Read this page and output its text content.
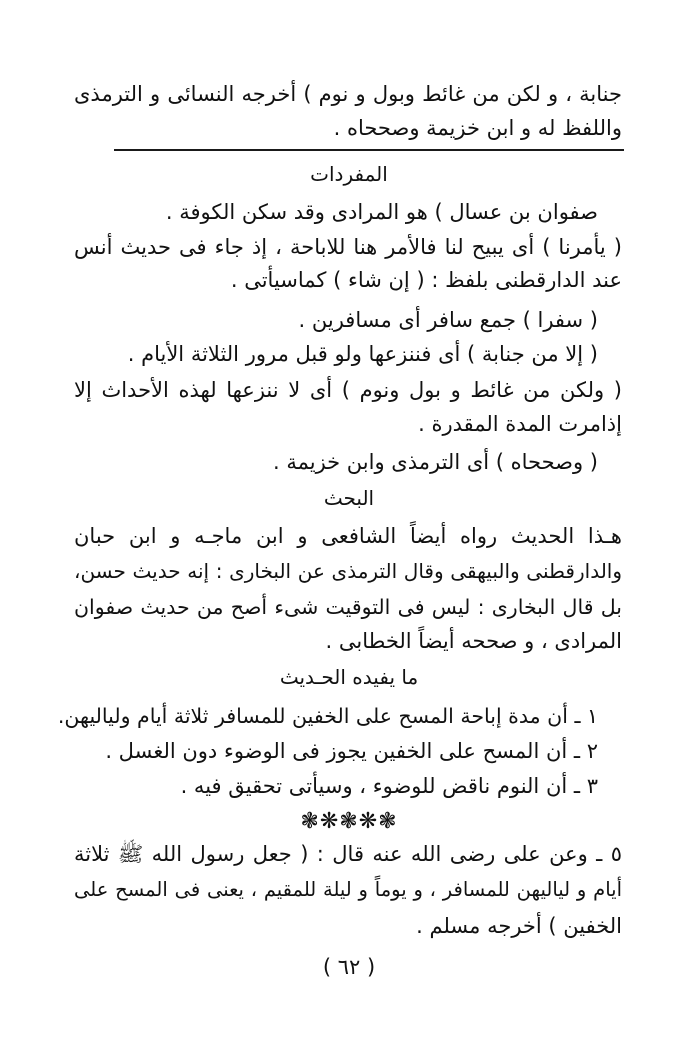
جنابة ، و لكن من غائط وبول و نوم ) أخرجه النسائى و الترمذى
واللفظ له و ابن خزيمة وصححاه .
المفردات
صفوان بن عسال ) هو المرادى وقد سكن الكوفة .
( يأمرنا ) أى يبيح لنا فالأمر هنا للاباحة ، إذ جاء فى حديث أنس
عند الدارقطنى بلفظ : ( إن شاء ) كماسيأتى .
( سفرا ) جمع سافر أى مسافرين .
( إلا من جنابة ) أى فننزعها ولو قبل مرور الثلاثة الأيام .
( ولكن من غائط و بول ونوم ) أى لا ننزعها لهذه الأحداث إلا
إذامرت المدة المقدرة .
( وصححاه ) أى الترمذى وابن خزيمة .
البحث
هـذا الحديث رواه أيضاً الشافعى و ابن ماجـه و ابن حبان
والدارقطنى والبيهقى وقال الترمذى عن البخارى : إنه حديث حسن،
بل قال البخارى : ليس فى التوقيت شىء أصح من حديث صفوان
المرادى ، و صححه أيضاً الخطابى .
ما يفيده الحـديث
١ ـ أن مدة إباحة المسح على الخفين للمسافر ثلاثة أيام ولياليهن.
٢ ـ أن المسح على الخفين يجوز فى الوضوء دون الغسل .
٣ ـ أن النوم ناقض للوضوء ، وسيأتى تحقيق فيه .
❃❋❃❋❃
٥ ـ وعن على رضى الله عنه قال : ( جعل رسول الله ﷺ ثلاثة
أيام و لياليهن للمسافر ، و يوماً و ليلة للمقيم ، يعنى فى المسح على
الخفين ) أخرجه مسلم .
( ٦٢ )
